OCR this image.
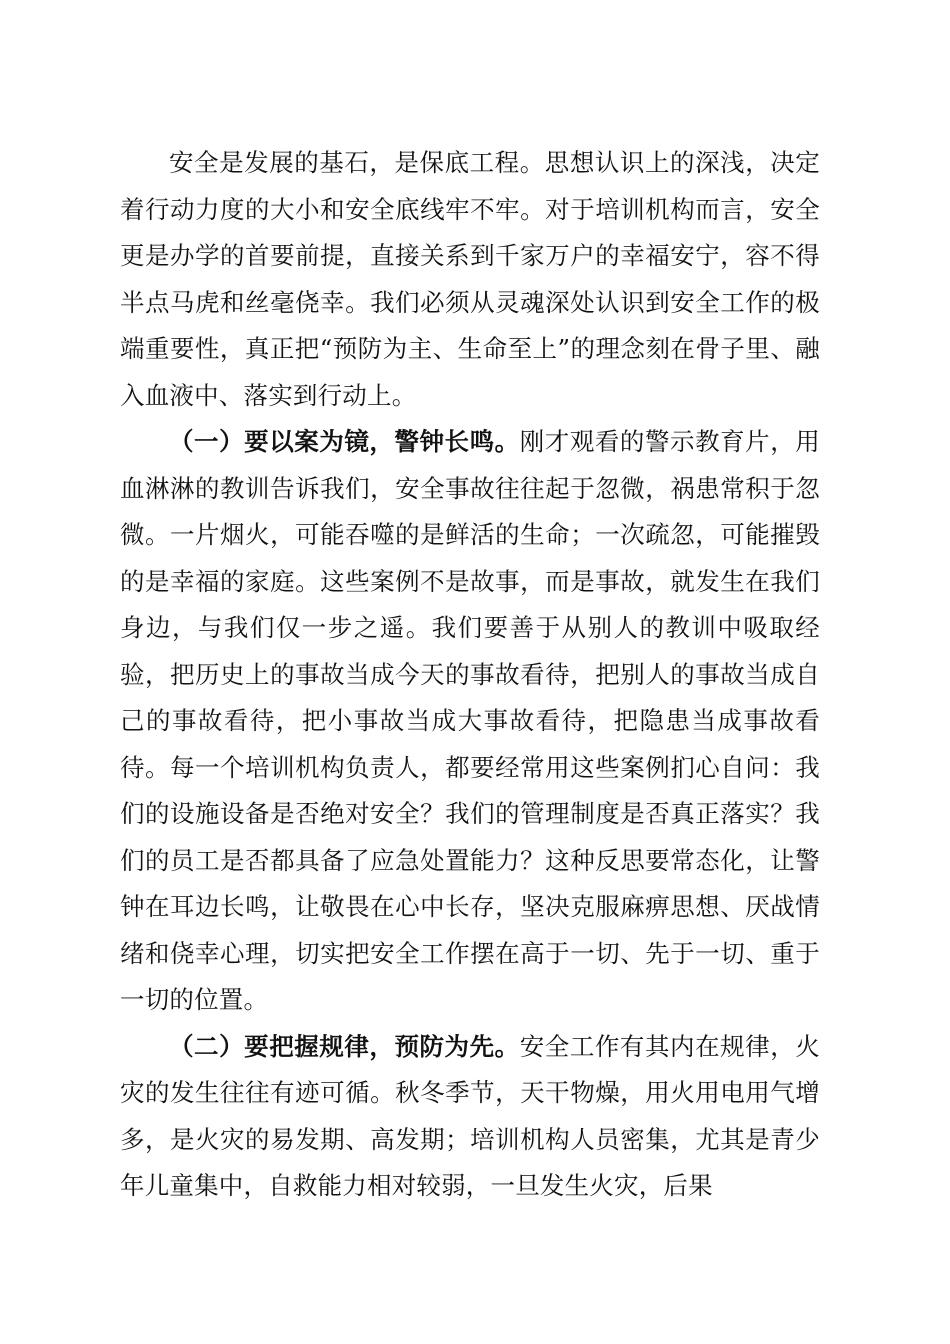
安全是发展的基石，是保底工程。思想认识上的深浅，决定着行动力度的大小和安全底线牢不牢。对于培训机构而言，安全更是办学的首要前提，直接关系到千家万户的幸福安宁，容不得半点马虎和丝毫侥幸。我们必须从灵魂深处认识到安全工作的极端重要性，真正把“预防为主、生命至上”的理念刻在骨子里、融入血液中、落实到行动上。

（一）要以案为镜，警钟长鸣。刚才观看的警示教育片，用血淋淋的教训告诉我们，安全事故往往起于忽微，祸患常积于忽微。一片烟火，可能吞噬的是鲜活的生命；一次疏忽，可能摧毁的是幸福的家庭。这些案例不是故事，而是事故，就发生在我们身边，与我们仅一步之遥。我们要善于从别人的教训中吸取经验，把历史上的事故当成今天的事故看待，把别人的事故当成自己的事故看待，把小事故当成大事故看待，把隐患当成事故看待。每一个培训机构负责人，都要经常用这些案例扪心自问：我们的设施设备是否绝对安全？我们的管理制度是否真正落实？我们的员工是否都具备了应急处置能力？这种反思要常态化，让警钟在耳边长鸣，让敬畏在心中长存，坚决克服麻痹思想、厌战情绪和侥幸心理，切实把安全工作摆在高于一切、先于一切、重于一切的位置。

（二）要把握规律，预防为先。安全工作有其内在规律，火灾的发生往往有迹可循。秋冬季节，天干物燥，用火用电用气增多，是火灾的易发期、高发期；培训机构人员密集，尤其是青少年儿童集中，自救能力相对较弱，一旦发生火灾，后果
